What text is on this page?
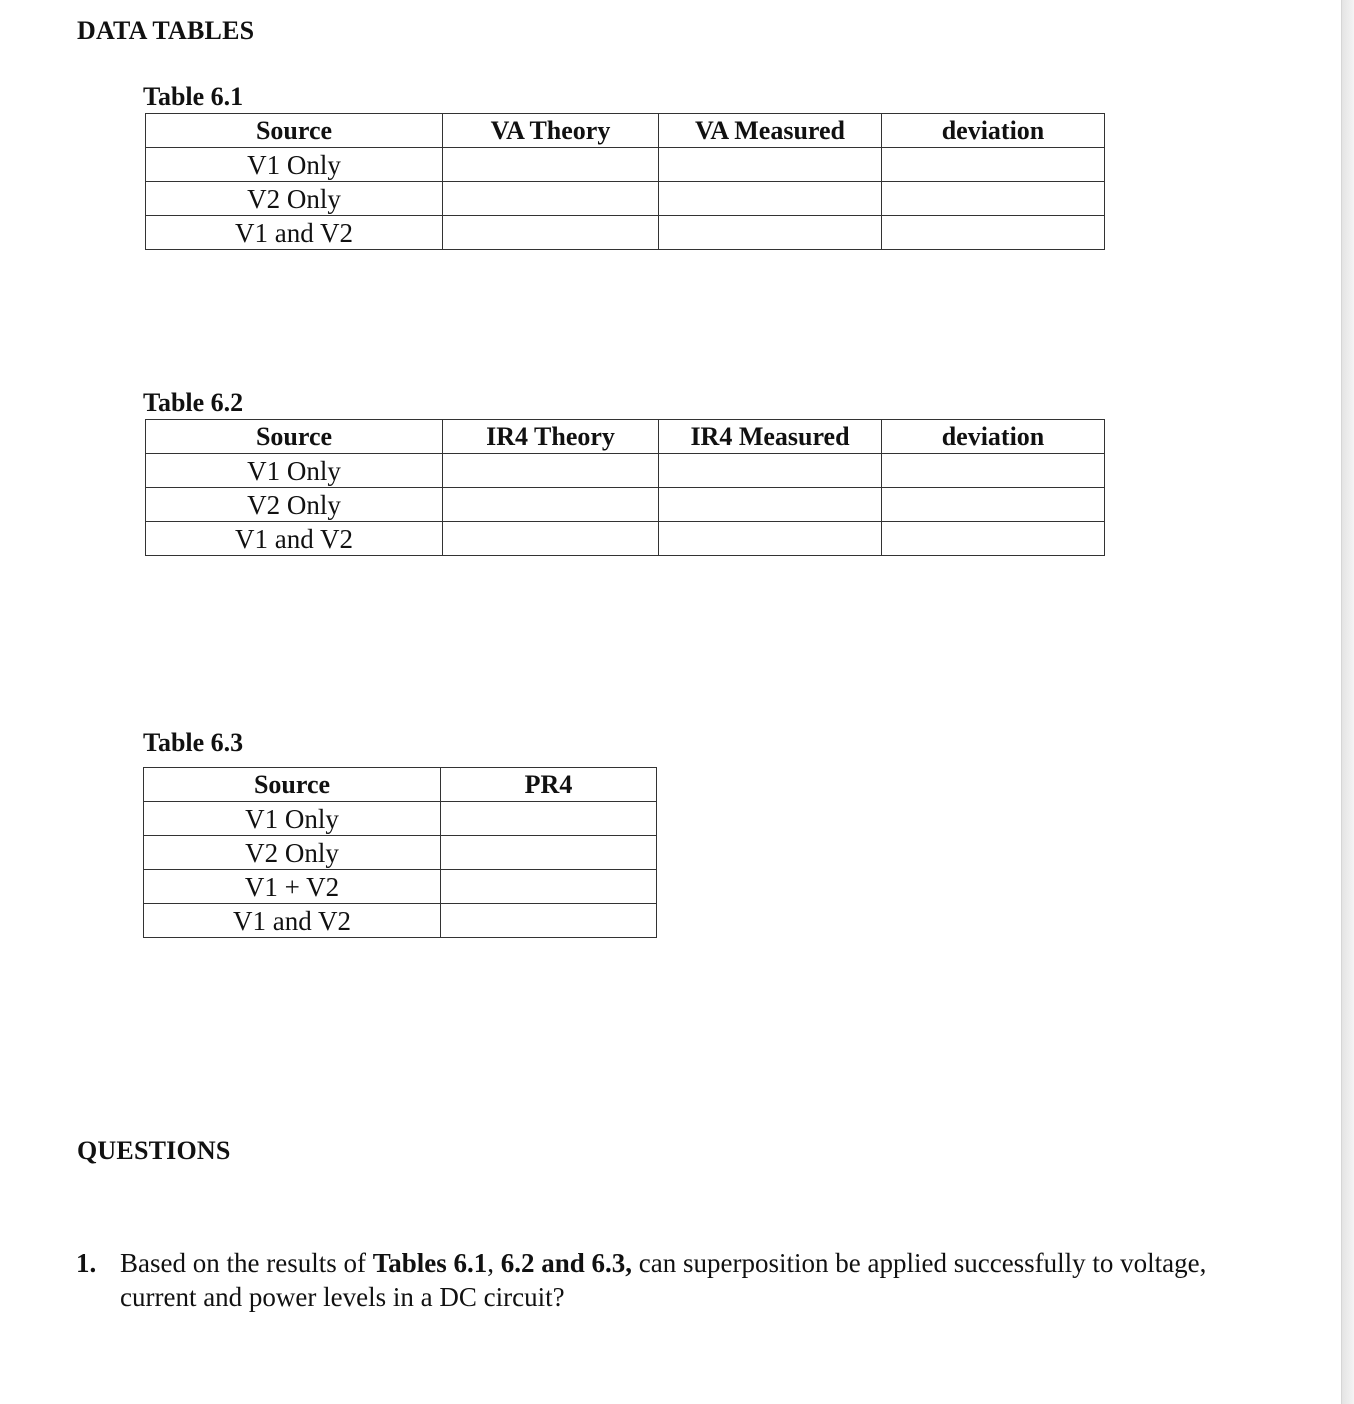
DATA TABLES
Table 6.1
Source	VA Theory	VA Measured	deviation
V1 Only			
V2 Only			
V1 and V2			
Table 6.2
Source	IR4 Theory	IR4 Measured	deviation
V1 Only			
V2 Only			
V1 and V2			
Table 6.3
Source	PR4
V1 Only	
V2 Only	
V1 + V2	
V1 and V2	
QUESTIONS
1. Based on the results of Tables 6.1, 6.2 and 6.3, can superposition be applied successfully to voltage, current and power levels in a DC circuit?
